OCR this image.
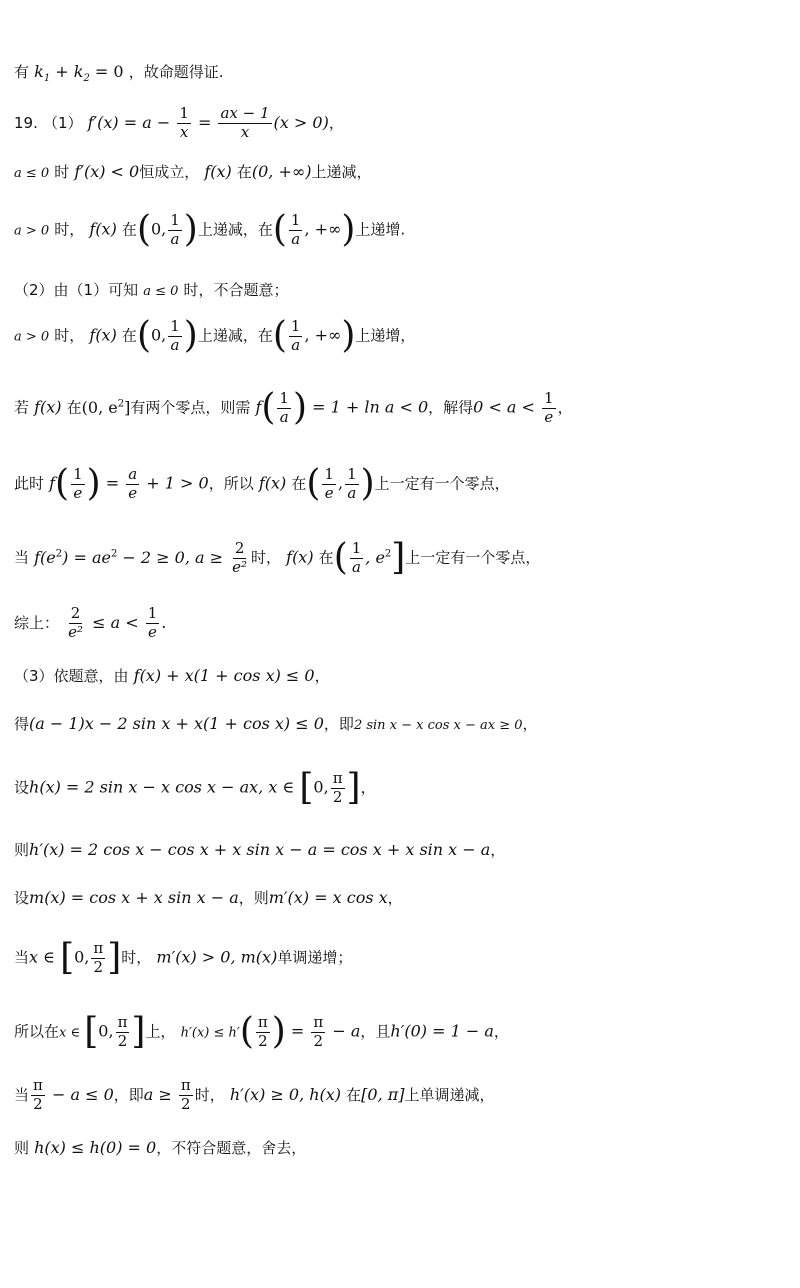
有 $k_1 + k_2 = 0$ ，故命题得证.
19. （1） $f'(x) = a - \frac{1}{x} = \frac{ax - 1}{x} (x > 0)$，
a ≤ 0 时 f′(x) < 0恒成立， f(x) 在(0, +∞)上递减，
a > 0 时， f(x) 在(0, $\frac{1}{a}$ )上递减，在( $\frac{1}{a}$ , +∞)上递增.
（2）由（1）可知 a ≤ 0 时，不合题意；
a > 0 时， f(x) 在(0, $\frac{1}{a}$ )上递减，在( $\frac{1}{a}$ , +∞)上递增，
若 f(x) 在(0, $e^2$]有两个零点，则需 $f( \frac{1}{a}$ ) = 1 + ln a < 0，解得$0 < a < \frac{1}{e}$ ，
此时 $f( \frac{1}{e}$ ) = $\frac{a}{e} + 1 > 0$，所以 f(x) 在( $\frac{1}{e}$ , $\frac{1}{a}$ )上一定有一个零点，
当 $f(e^2) = ae^2 - 2 \ge 0$, $a \ge \frac{2}{\text{e²}}$ 时， f(x) 在( $\frac{1}{a}$ , $e^2$]上一定有一个零点，
综上： $\frac{2}{\text{e²}} \le a < \frac{1}{e}$ .
（3）依题意，由 f(x) + x(1 + cos x) ≤ 0，
得(a − 1)x − 2 sin x + x(1 + cos x) ≤ 0，即2 sin x − x cos x − ax ≥ 0，
设h(x) = 2 sin x − x cos x − ax, x ∈ [0, $\frac{\pi}{2}$ ]，
则h′(x) = 2 cos x − cos x + x sin x − a = cos x + x sin x − a，
设m(x) = cos x + x sin x − a，则m′(x) = x cos x，
当x ∈ [0, $\frac{\pi}{2}$ ]时， m′(x) > 0, m(x)单调递增；
所以在x ∈ [0, $\frac{\pi}{2}$ ]上， $h'(x) \le h'( \frac{\pi}{2}$ ) = $\frac{\pi}{2} - a$，且h′(0) = 1 − a，
当 $\frac{\pi}{2} - a \le 0$，即$a \ge \frac{\pi}{2}$ 时， h′(x) ≥ 0, h(x) 在[0, π]上单调递减，
则 h(x) ≤ h(0) = 0，不符合题意，舍去，
